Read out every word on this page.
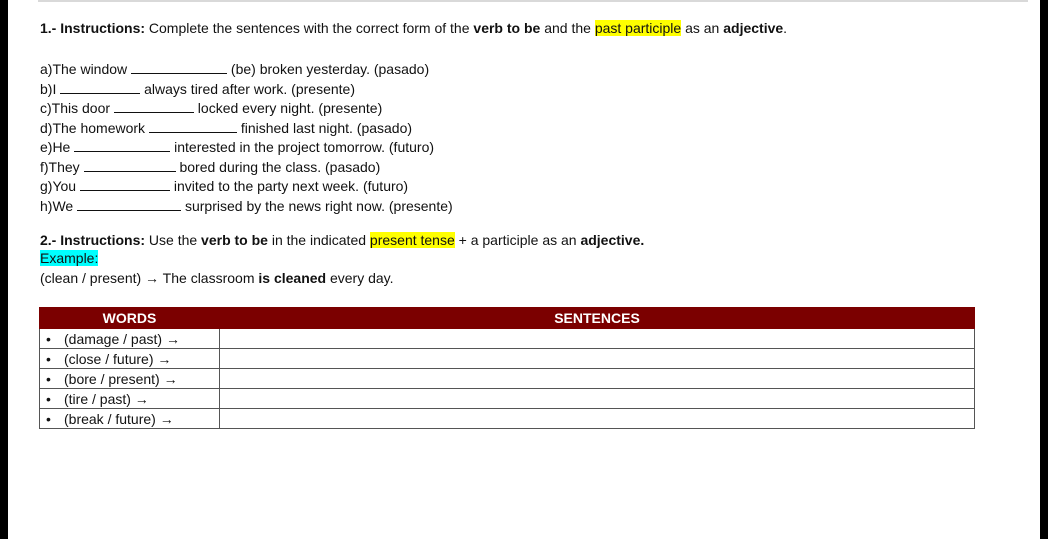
1.- Instructions: Complete the sentences with the correct form of the verb to be and the past participle as an adjective.
a)The window	(be) broken yesterday. (pasado)
b)I	always tired after work. (presente)
c)This door	locked every night. (presente)
d)The homework	finished last night. (pasado)
e)He	interested in the project tomorrow. (futuro)
f)They	bored during the class. (pasado)
g)You	invited to the party next week. (futuro)
h)We	surprised by the news right now. (presente)
2.- Instructions: Use the verb to be in the indicated present tense + a participle as an adjective.
Example:
(clean / present) → The classroom is cleaned every day.
WORDS	SENTENCES
• (damage / past) →	
• (close / future) →	
• (bore / present) →	
• (tire / past) →	
• (break / future) →	
